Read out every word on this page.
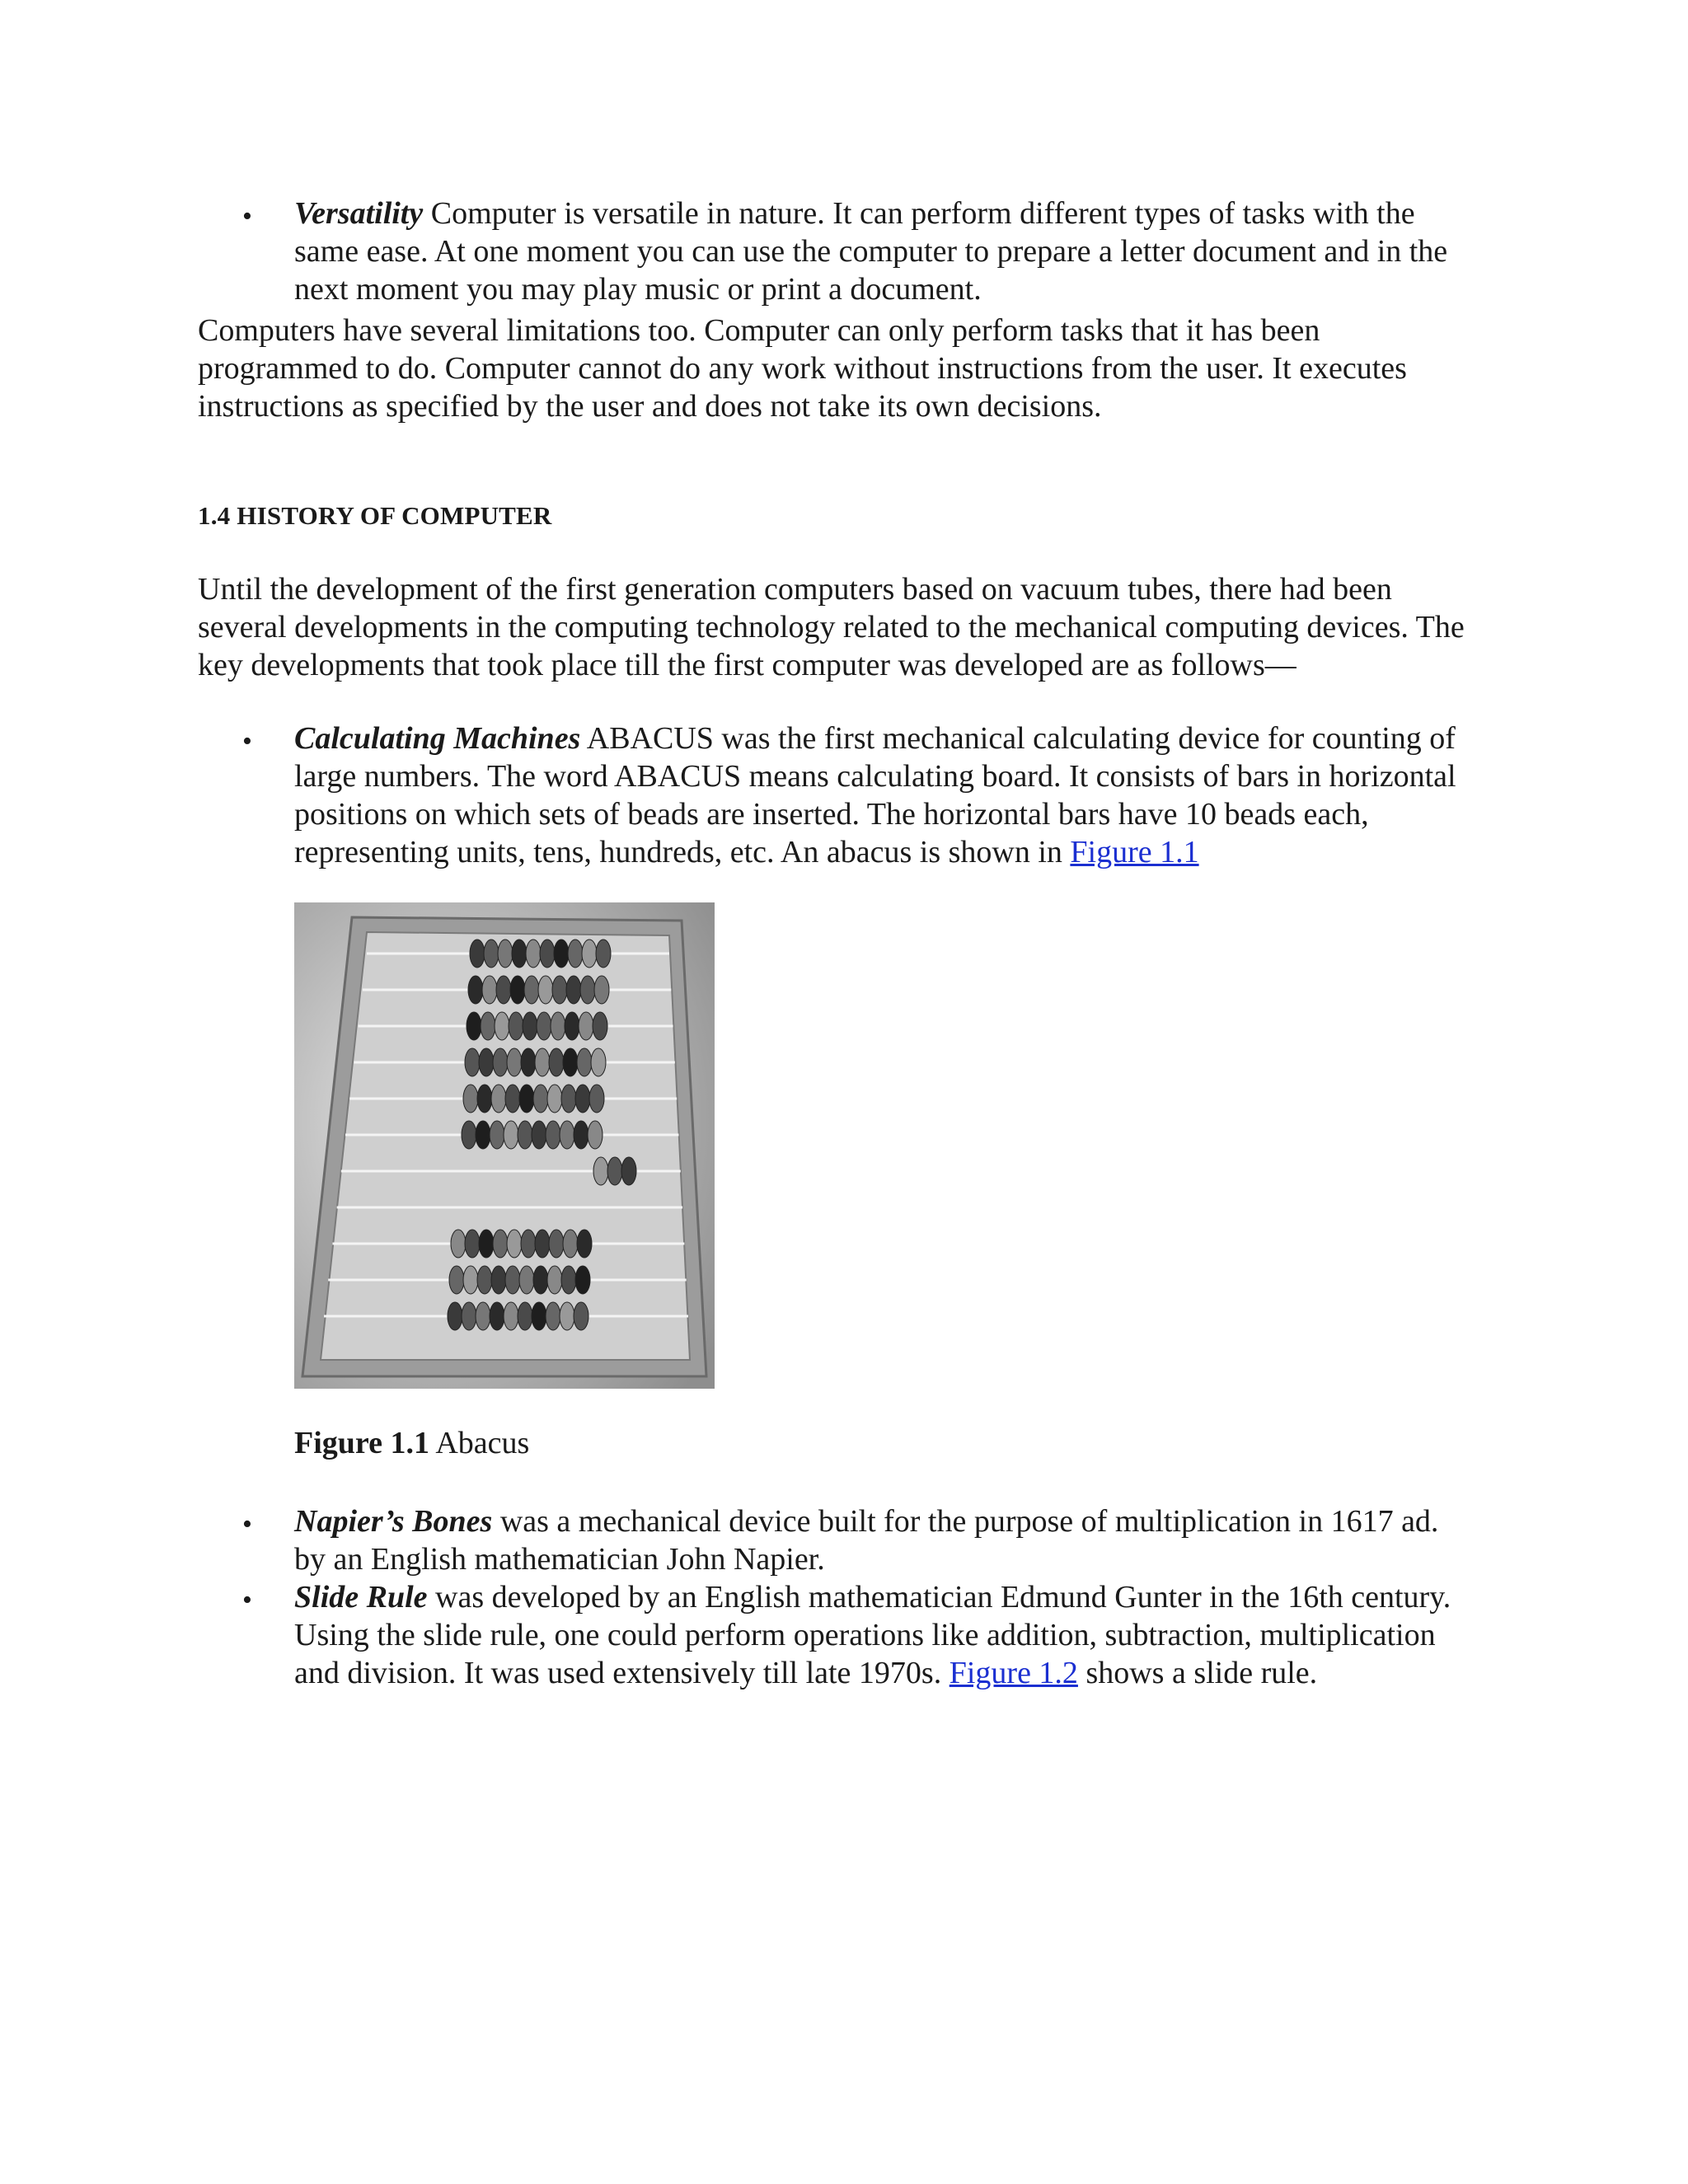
• Versatility Computer is versatile in nature. It can perform different types of tasks with the same ease. At one moment you can use the computer to prepare a letter document and in the next moment you may play music or print a document.

Computers have several limitations too. Computer can only perform tasks that it has been programmed to do. Computer cannot do any work without instructions from the user. It executes instructions as specified by the user and does not take its own decisions.

1.4 HISTORY OF COMPUTER

Until the development of the first generation computers based on vacuum tubes, there had been several developments in the computing technology related to the mechanical computing devices. The key developments that took place till the first computer was developed are as follows—

• Calculating Machines ABACUS was the first mechanical calculating device for counting of large numbers. The word ABACUS means calculating board. It consists of bars in horizontal positions on which sets of beads are inserted. The horizontal bars have 10 beads each, representing units, tens, hundreds, etc. An abacus is shown in Figure 1.1

Figure 1.1 Abacus

• Napier’s Bones was a mechanical device built for the purpose of multiplication in 1617 ad. by an English mathematician John Napier.

• Slide Rule was developed by an English mathematician Edmund Gunter in the 16th century. Using the slide rule, one could perform operations like addition, subtraction, multiplication and division. It was used extensively till late 1970s. Figure 1.2 shows a slide rule.
